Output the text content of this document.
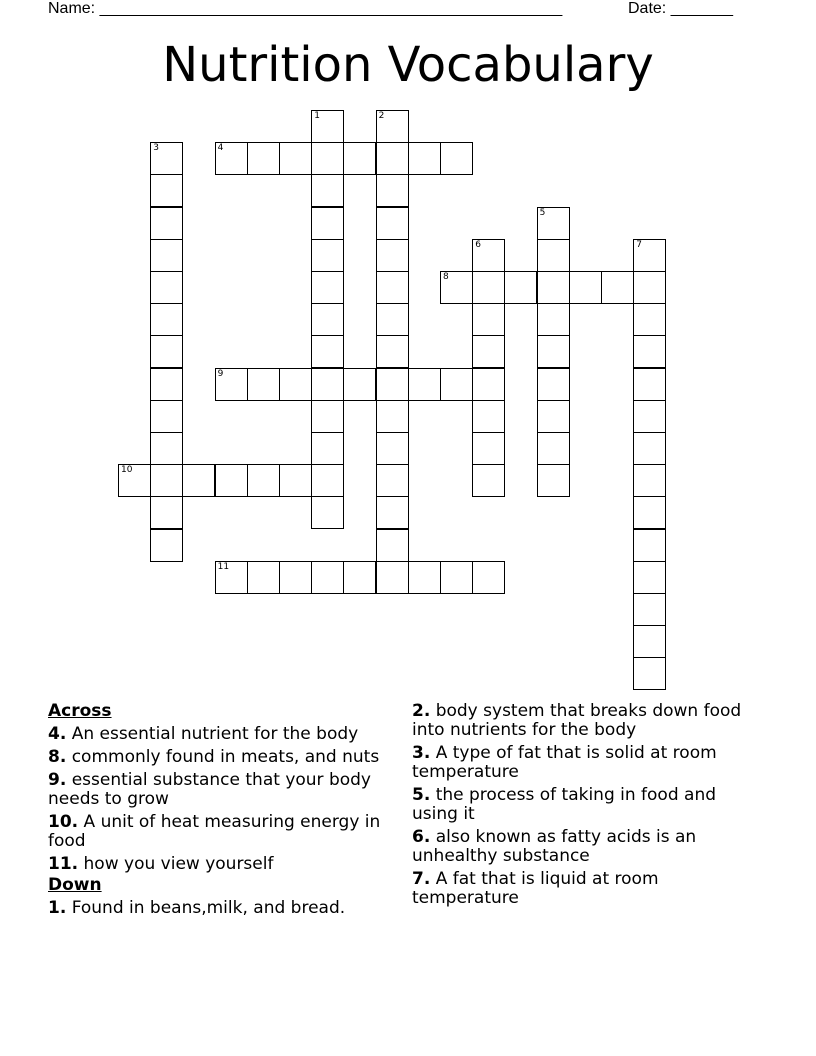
Name: ____________________________________________________	Date: _______
Nutrition Vocabulary
1	2
3	4
5
6	7
8
9
10
11
Across
4. An essential nutrient for the body
8. commonly found in meats, and nuts
9. essential substance that your body needs to grow
10. A unit of heat measuring energy in food
11. how you view yourself
Down
1. Found in beans,milk, and bread.
2. body system that breaks down food into nutrients for the body
3. A type of fat that is solid at room temperature
5. the process of taking in food and using it
6. also known as fatty acids is an unhealthy substance
7. A fat that is liquid at room temperature
